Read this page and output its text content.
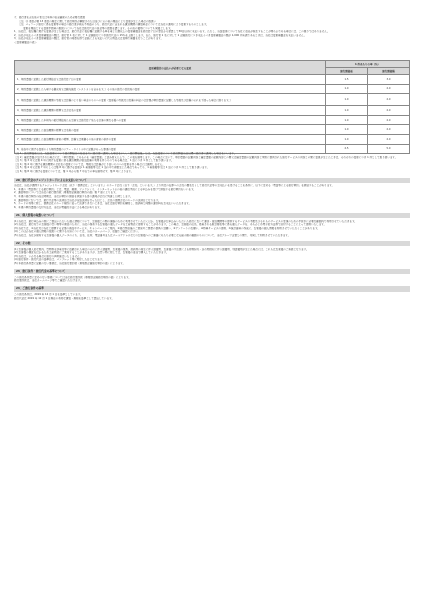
ウ．旅行者を含む他の者又は本体の安全確保のため必要な措置
［注］⑪ 項目が第 13 項目の規定に関して旅行契約が解除された日並びにその他の理由により変更が生じた場合の取扱い
［注］パッケージ旅行に係る変更等の場合の旅行者が被る不利益のうち、旅行代金に含まれる運送機関の運賃料金については当社の通知により変更するものとします。
　　変更を理由とする変更手数料の取扱いについて当社は旅行代金の返金等の措置を講じます。その他の費用についても同様とします。
1．当社は、表左欄に掲げる変更が生じた場合は、旅行代金に表右欄に記載する率を乗じた額以上の変更補償金を旅行終了日の翌日から起算して30日以内に支払います。ただし、当該変更について当社に責任が発生することが明らかである場合には、この限りではありません。
2．当社が支払うべき変更補償金の額は、旅行者 1 名に対して 1 企画旅行につき旅行代金の 15％を上限とします。また、旅行者 1 名に対して 1 企画旅行につき支払うべき変更補償金の額が 1,000 円未満であるときは、当社は変更補償金を支払いません。
3．当社が支払うべき変更補償金の額は、旅行者の同意を得て金銭による支払いに代え物品又は役務で補償を行うことがあります。
＜変更補償金の表＞
変更補償金の支払いが必要となる変更	1 件あたりの率（％）	
	旅行開始前	旅行開始後
1．契約書面に記載した旅行開始日又は旅行終了日の変更	1.5	3.0
2．契約書面に記載した入場する観光地又は観光施設（レストランを含みます。）その他の旅行の目的地の変更	1.0	2.0
3．契約書面に記載した運送機関の等級又は設備のより低い料金のものへの変更（変更後の等級及び設備の料金の合計額が契約書面に記載した等級及び設備のそれを下回った場合に限ります。）	1.0	2.0
4．契約書面に記載した運送機関の種類又は会社名の変更	1.0	2.0
5．契約書面に記載した本邦内の旅行開始地たる空港又は旅行終了地たる空港の異なる便への変更	1.0	2.0
6．契約書面に記載した宿泊機関の種類又は名称の変更	1.0	2.0
7．契約書面に記載した宿泊機関の客室の種類、設備又は景観その他の客室の条件の変更	1.0	2.0
8．前各号に掲げる変更のうち契約書面のツアー・タイトル中に記載があった事項の変更	2.5	5.0
［注 1］旅行開始前とは、当該変更について旅行開始日の前日までに旅行者に通知した場合をいい、「旅行開始後」とは、当該変更について旅行開始当日以降に旅行者に通知した場合をいいます。
［注 2］確定書面が交付された場合には、「契約書面」とあるのを「確定書面」と読み替えた上で、この表を適用します。この場合において、契約書面の記載内容と確定書面の記載内容との間又は確定書面の記載内容と実際に提供された旅行サービスの内容との間に変更が生じたときは、それぞれの変更につき 1 件として取り扱います。
［注 3］第 3 号又は第 4 号に掲げる変更に係る運送機関が宿泊設備の利用を伴うものである場合は、1 泊につき 1 件として取り扱います。
［注 4］第 4 号に掲げる運送機関の会社名の変更については、等級又は設備がより高いものへの変更を伴う場合には適用しません。
［注 5］第 4 号又は第 7 号もしくは第 8 号に掲げる変更が 1 乗車船等又は 1 泊の中で複数生じた場合であっても、1 乗車船等又は 1 泊につき 1 件として取り扱います。
［注 6］第 8 号に掲げる変更については、第 1 号から第 7 号までの率を適用せず、第 8 号によります。
20．旅行代金のクレジットカードによるお支払いについて
当社は、当社が提携するクレジットカード会社（以下「提携会社」といいます。）のカード会員（以下「会員」といいます。）より所定の伝票への会員の署名なくして旅行代金等のお支払いを受けることを条件に、以下に定める「電話等による旅行契約」を締結することがあります。
1．本項の「電話等による旅行契約」とは、電話、郵便、ファクシミリ、インターネットその他の通信手段による申込みを受けて締結する旅行契約をいいます。
2．通信契約については当社の旅行業約款（募集型企画旅行契約の部）第 7 章によります。
3．本項の旅行契約の成立時期は、当社が契約の締結を承諾する旨の通知が会員に到達した時とします。
4．通信契約においては、旅行代金等の決済日は当社が当該決済を行った日とし、会員の提携会社のカードの決済日となります。
5．カードの利用に際し、提携会社のカード規約に従って決済できないときは、当社は旅行契約を解除し、取消料と同額の違約料をお支払いいただきます。
6．本項の契約書面の交付方法は、当社が電磁的方法による場合があります。
21．個人情報の取扱いについて
(1) 当社は、旅行申込みの際にご提出いただいた個人情報について、お客様との間の連絡のために利用させていただくほか、お客様がお申込みいただいた旅行において運送・宿泊機関等の提供するサービスの手配及びそれらのサービスの受領のための手続きに必要な範囲内で利用させていただきます。
(2) 当社は、旅行先でのお客様の買い物等の便宜のために、当社の保有するお客様の個人データを土産物店に提供することがあります。この場合、お客様の氏名、搭乗される航空便名等に係る個人データを、あらかじめ電子的方法等で送付することによって提供いたします。
(3) 当社では、①当社及び当社と提携する企業の商品やサービス、キャンペーンのご案内、②旅行参加後のご意見やご感想の提供のお願い、③アンケートのお願い、④特典サービスの提供、⑤統計資料の作成に、お客様の個人情報を利用させていただくことがあります。
(4) このほか当社の個人情報の取扱いに関する方針については、当社のホームページ、店頭でご確認ください。
(5) 当社は、当社が保有するお客様の個人データのうち、氏名、住所、電話番号またはメールアドレスなどのお客様へのご連絡にあたり必要となる最小限の範囲のものについて、当社グループ企業との間で、共同して利用させていただきます。
22．その他
(1) お客様が個人的な案内、買物等を添乗員等に依頼された場合のそれに伴う諸費用、お客様の怪我、疾病等の発生に伴う諸費用、お客様の不注意による荷物紛失・忘れ物回収に伴う諸費用、別途費用が生じた場合には、これらはお客様のご負担となります。
(2) お客様の便宜をはかるため土産物店にご案内することがありますが、お買い物に際しては、お客様の責任で購入していただきます。
(3) 当社は、いかなる場合も旅行の再実施はいたしません。
(4) 旅行条件・旅行代金の基準日は、パンフレット等に明示した日となります。
(5) 本旅行条件書に記載のない事項は、当社旅行業約款（募集型企画旅行契約の部）によります。
23．旅行条件・旅行代金の基準について
この旅行条件書に定めのない事項については当社旅行業約款（募集型企画旅行契約の部）によります。
旅行業約款は、当社ホームページ等でご確認いただけます。
24．ご旅行条件の基準
この旅行条件は、2019 年 12 月 1 日を基準としています。
旅行代金は 2019 年 12 月 1 日現在の有効な運賃・規則を基準として算出しています。
